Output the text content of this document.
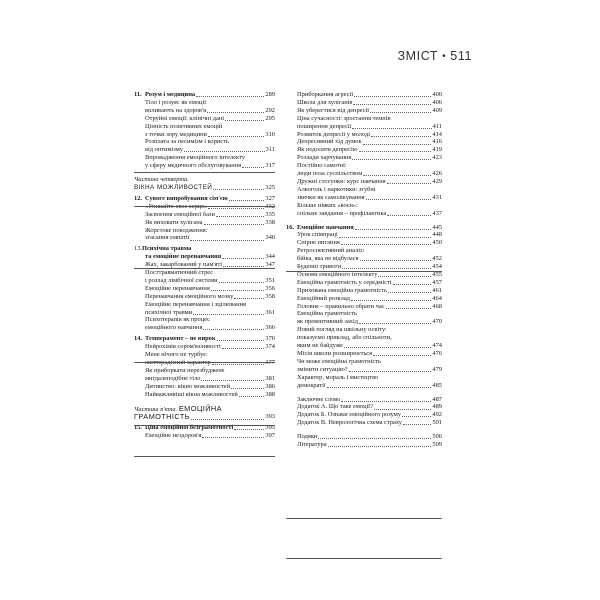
ЗМІСТ • 511
11. Розум і медицина	289
Тіло і розум: як емоції
впливають на здоров'я	292
Отруйні емоції: клінічні дані	295
Цінність позитивних емоцій
з точки зору медицини	310
Розплата за песимізм і користь
від оптимізму	311
Впровадження емоційного інтелекту
у сферу медичного обслуговування	317
Частина четверта.
ВІКНА МОЖЛИВОСТЕЙ	325
12. Сувоге випробування сім'єю	327
«Уникайте своє серце»	332
Засвоєння емоційної бази	335
Як виховати хулігана	338
Жорстоке поводження:
згасання емпатії	340
13. Психічна травма
та емоційне перенавчання	344
Жах, закарбований у пам'яті	347
Посттравматичний стрес
і розлад лімбічної системи	351
Емоційне перенавчання	356
Перенавчання емоційного мозку	358
Емоційне перенавчання і зцілювання
психічної травми	361
Психотерапія як процес
емоційного навчання	366
14. Темперамент – не вирок	370
Нейрохімія сором'язливості	374
Мене нічого не турбує:
життєрадісний характер	377
Як приборкати перезбуджене
мигдалеподібне тіло	381
Дитинство: вікно можливостей	386
Найважливіші вікна можливостей	388
Частина п'ята. ЕМОЦІЙНА
ГРАМОТНІСТЬ	393
15. Ціна емоційної безграмотності	395
Емоційне нездоров'я	397
Приборкання агресії	400
Школа для хуліганів	406
Як уберегтися від депресії	409
Ціна сучасності: зростання темпів
поширення депресії	411
Розвиток депресії у молоді	414
Депресивний хід думок	416
Як подолати депресію	419
Розлади харчування	423
Постійно самотні:
люди поза суспільством	426
Дружні стосунки: курс навчання	429
Алкоголь і наркотики: згубні
звички як самолікування	431
Більше ніяких «воєн»:
спільне завдання – профілактика	437
16. Емоційне навчання	445
Урок співпраці	448
Спірне питання	450
Ретроспективний аналіз:
бійка, яка не відбулася	452
Буденні тривоги	454
Основи емоційного інтелекту	455
Емоційна грамотність у середмісті	457
Прихована емоційна грамотність	461
Емоційний розклад	464
Головне – правильно обрати час	468
Емоційна грамотність
як превентивний захід	470
Новий погляд на шкільну освіту:
показуємо приклад, або спільноти,
яким не байдуже	474
Місія школи розширюється	476
Чи може емоційна грамотність
змінити ситуацію?	479
Характер, мораль і мистецтво
демократії	485
Заключне слово	487
Додаток А. Що таке емоції?	489
Додаток Б. Ознаки емоційного розуму	492
Додаток В. Неврологічна схема страху	501
Подяки	506
Література	509
